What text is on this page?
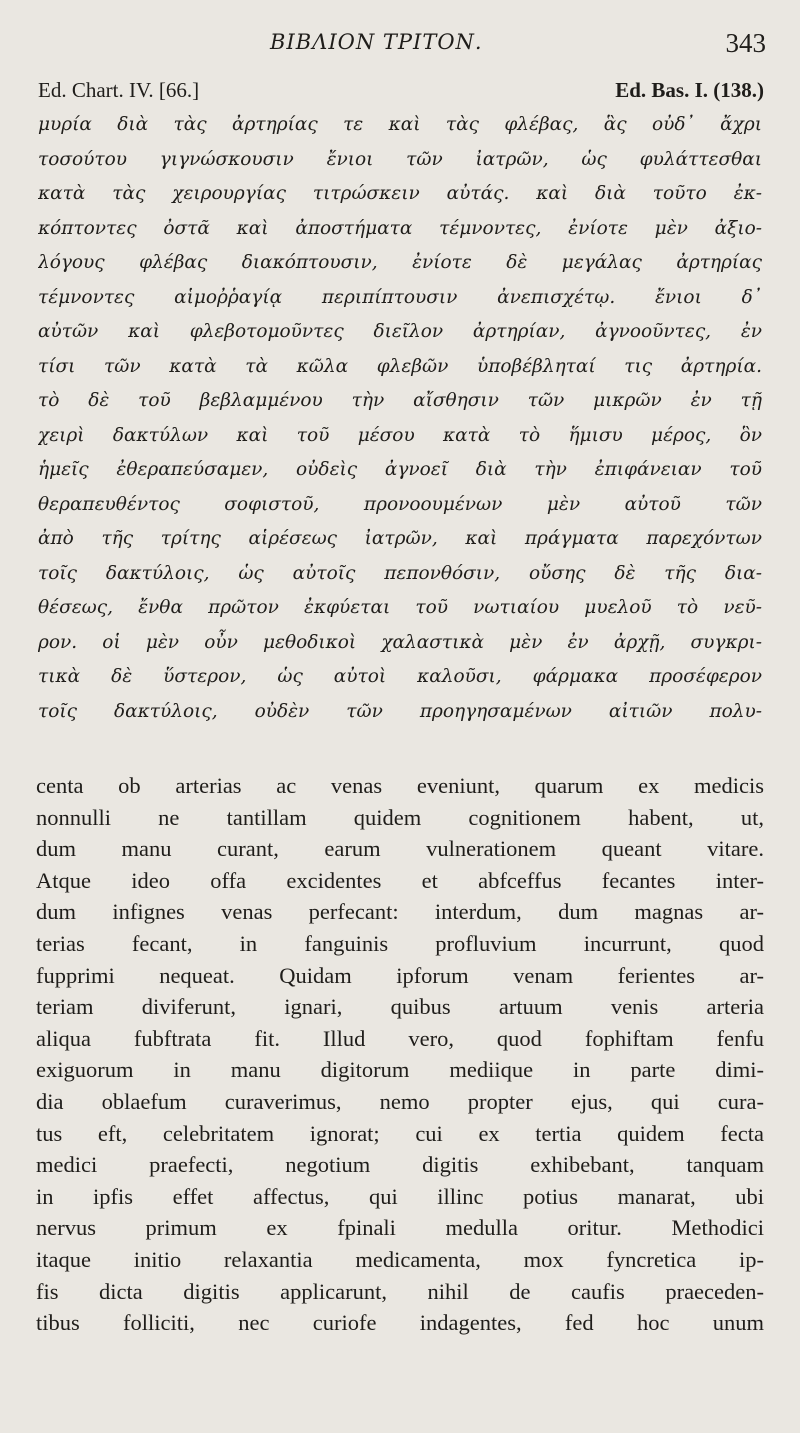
ΒΙΒΛΙΟΝ ΤΡΙΤΟΝ.	343
Ed. Chart. IV. [66.]	Ed. Bas. I. (138.)
μυρία διὰ τὰς ἀρτηρίας τε καὶ τὰς φλέβας, ἃς οὐδ᾽ ἄχρι
τοσούτου γιγνώσκουσιν ἔνιοι τῶν ἰατρῶν, ὡς φυλάττεσθαι
κατὰ τὰς χειρουργίας τιτρώσκειν αὐτάς. καὶ διὰ τοῦτο ἐκ-
κόπτοντες ὀστᾶ καὶ ἀποστήματα τέμνοντες, ἐνίοτε μὲν ἀξιο-
λόγους φλέβας διακόπτουσιν, ἐνίοτε δὲ μεγάλας ἀρτηρίας
τέμνοντες αἱμοῤῥαγίᾳ περιπίπτουσιν ἀνεπισχέτῳ. ἔνιοι δ᾽
αὐτῶν καὶ φλεβοτομοῦντες διεῖλον ἀρτηρίαν, ἀγνοοῦντες, ἐν
τίσι τῶν κατὰ τὰ κῶλα φλεβῶν ὑποβέβληταί τις ἀρτηρία.
τὸ δὲ τοῦ βεβλαμμένου τὴν αἴσθησιν τῶν μικρῶν ἐν τῇ
χειρὶ δακτύλων καὶ τοῦ μέσου κατὰ τὸ ἥμισυ μέρος, ὃν
ἡμεῖς ἐθεραπεύσαμεν, οὐδεὶς ἀγνοεῖ διὰ τὴν ἐπιφάνειαν τοῦ
θεραπευθέντος σοφιστοῦ, προνοουμένων μὲν αὐτοῦ τῶν
ἀπὸ τῆς τρίτης αἱρέσεως ἰατρῶν, καὶ πράγματα παρεχόντων
τοῖς δακτύλοις, ὡς αὐτοῖς πεπονθόσιν, οὔσης δὲ τῆς δια-
θέσεως, ἔνθα πρῶτον ἐκφύεται τοῦ νωτιαίου μυελοῦ τὸ νεῦ-
ρον. οἱ μὲν οὖν μεθοδικοὶ χαλαστικὰ μὲν ἐν ἀρχῇ, συγκρι-
τικὰ δὲ ὕστερον, ὡς αὐτοὶ καλοῦσι, φάρμακα προσέφερον
τοῖς δακτύλοις, οὐδὲν τῶν προηγησαμένων αἰτιῶν πολυ-
centa ob arterias ac venas eveniunt, quarum ex medicis
nonnulli ne tantillam quidem cognitionem habent, ut,
dum manu curant, earum vulnerationem queant vitare.
Atque ideo offa excidentes et abfceffus fecantes inter-
dum infignes venas perfecant: interdum, dum magnas ar-
terias fecant, in fanguinis profluvium incurrunt, quod
fupprimi nequeat. Quidam ipforum venam ferientes ar-
teriam diviferunt, ignari, quibus artuum venis arteria
aliqua fubftrata fit. Illud vero, quod fophiftam fenfu
exiguorum in manu digitorum mediique in parte dimi-
dia oblaefum curaverimus, nemo propter ejus, qui cura-
tus eft, celebritatem ignorat; cui ex tertia quidem fecta
medici praefecti, negotium digitis exhibebant, tanquam
in ipfis effet affectus, qui illinc potius manarat, ubi
nervus primum ex fpinali medulla oritur. Methodici
itaque initio relaxantia medicamenta, mox fyncretica ip-
fis dicta digitis applicarunt, nihil de caufis praeceden-
tibus folliciti, nec curiofe indagentes, fed hoc unum
